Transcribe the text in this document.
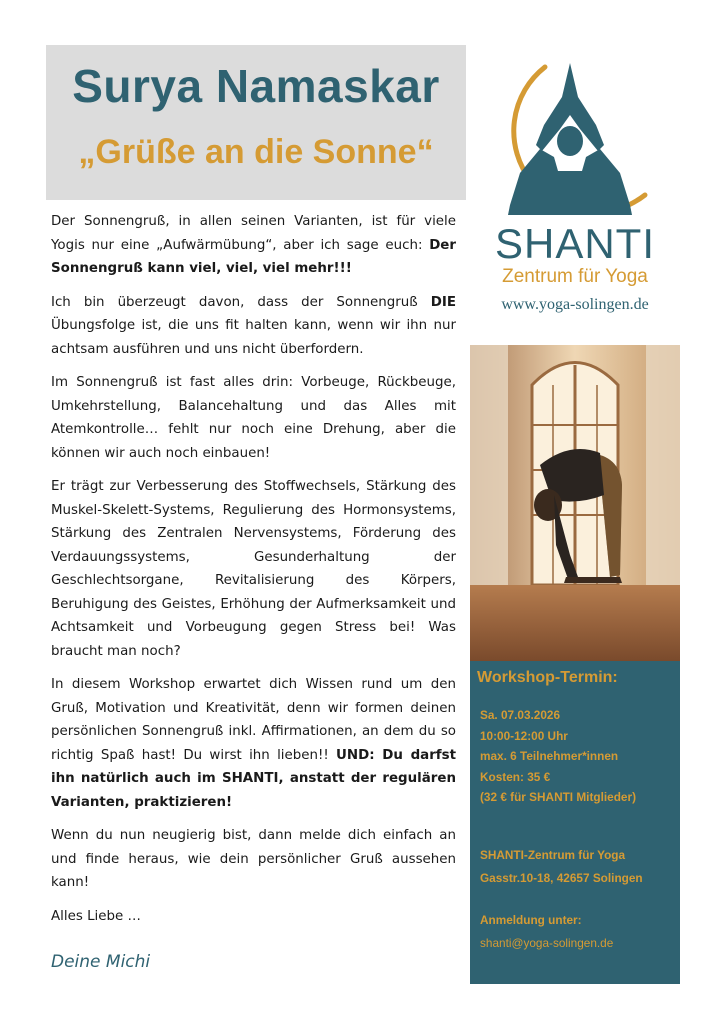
Surya Namaskar
„Grüße an die Sonne“

Der Sonnengruß, in allen seinen Varianten, ist für viele Yogis nur eine „Aufwärmübung“, aber ich sage euch: Der Sonnengruß kann viel, viel, viel mehr!!!

Ich bin überzeugt davon, dass der Sonnengruß DIE Übungsfolge ist, die uns fit halten kann, wenn wir ihn nur achtsam ausführen und uns nicht überfordern.

Im Sonnengruß ist fast alles drin: Vorbeuge, Rückbeuge, Umkehrstellung, Balancehaltung und das Alles mit Atemkontrolle… fehlt nur noch eine Drehung, aber die können wir auch noch einbauen!

Er trägt zur Verbesserung des Stoffwechsels, Stärkung des Muskel-Skelett-Systems, Regulierung des Hormonsystems, Stärkung des Zentralen Nervensystems, Förderung des Verdauungssystems, Gesunderhaltung der Geschlechtsorgane, Revitalisierung des Körpers, Beruhigung des Geistes, Erhöhung der Aufmerksamkeit und Achtsamkeit und Vorbeugung gegen Stress bei! Was braucht man noch?

In diesem Workshop erwartet dich Wissen rund um den Gruß, Motivation und Kreativität, denn wir formen deinen persönlichen Sonnengruß inkl. Affirmationen, an dem du so richtig Spaß hast! Du wirst ihn lieben!! UND: Du darfst ihn natürlich auch im SHANTI, anstatt der regulären Varianten, praktizieren!

Wenn du nun neugierig bist, dann melde dich einfach an und finde heraus, wie dein persönlicher Gruß aussehen kann!

Alles Liebe …

Deine Michi
SHANTI
Zentrum für Yoga
www.yoga-solingen.de
Workshop-Termin:
Sa. 07.03.2026
10:00-12:00 Uhr
max. 6 Teilnehmer*innen
Kosten: 35 €
(32 € für SHANTI Mitglieder)
SHANTI-Zentrum für Yoga
Gasstr.10-18, 42657 Solingen
Anmeldung unter:
shanti@yoga-solingen.de
